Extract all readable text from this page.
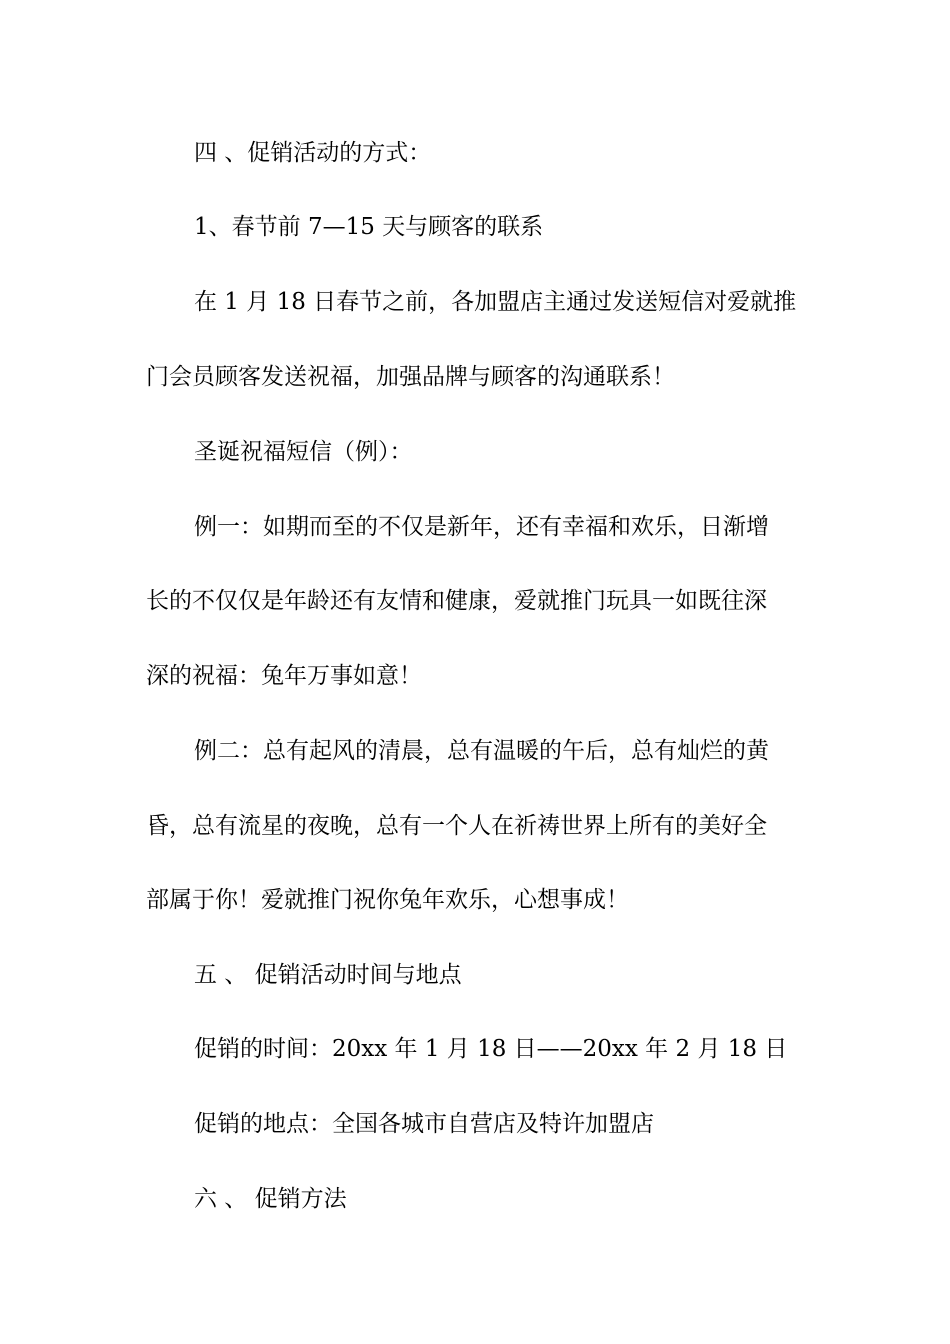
四 、促销活动的方式：
1、春节前 7—15 天与顾客的联系
在 1 月 18 日春节之前，各加盟店主通过发送短信对爱就推
门会员顾客发送祝福，加强品牌与顾客的沟通联系！
圣诞祝福短信（例）：
例一：如期而至的不仅是新年，还有幸福和欢乐，日渐增
长的不仅仅是年龄还有友情和健康，爱就推门玩具一如既往深
深的祝福：兔年万事如意！
例二：总有起风的清晨，总有温暖的午后，总有灿烂的黄
昏，总有流星的夜晚，总有一个人在祈祷世界上所有的美好全
部属于你！爱就推门祝你兔年欢乐，心想事成！
五 、 促销活动时间与地点
促销的时间：20xx 年 1 月 18 日——20xx 年 2 月 18 日
促销的地点：全国各城市自营店及特许加盟店
六 、 促销方法
